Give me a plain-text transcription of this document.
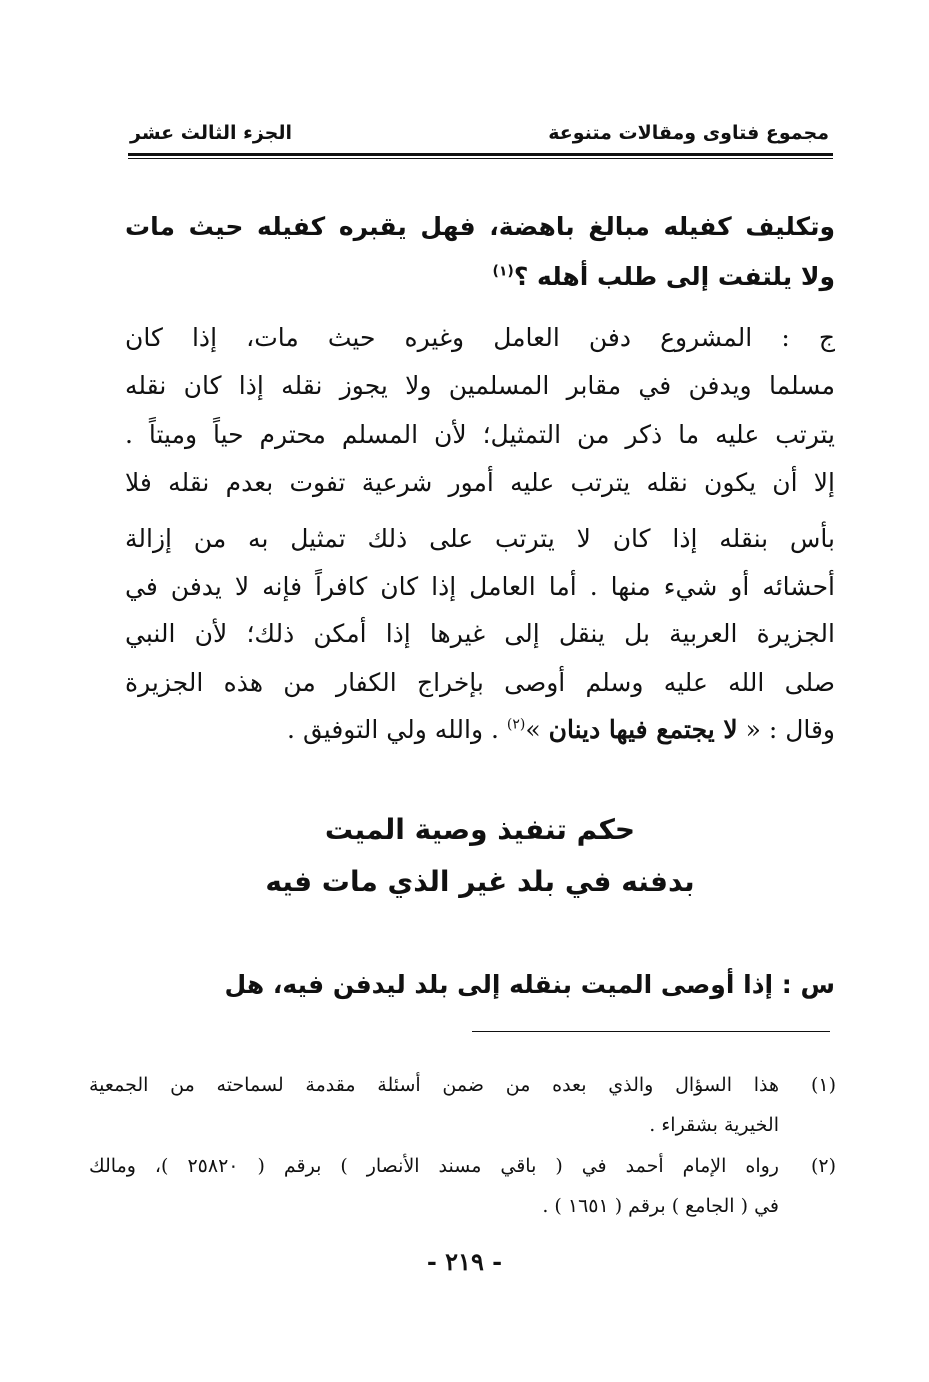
مجموع فتاوى ومقالات متنوعة
الجزء الثالث عشر
وتكليف كفيله مبالغ باهضة، فهل يقبره كفيله حيث مات
ولا يلتفت إلى طلب أهله ؟$^{(١)}$
ج : المشروع دفن العامل وغيره حيث مات، إذا كان
مسلما ويدفن في مقابر المسلمين ولا يجوز نقله إذا كان نقله
يترتب عليه ما ذكر من التمثيل؛ لأن المسلم محترم حياً وميتاً .
إلا أن يكون نقله يترتب عليه أمور شرعية تفوت بعدم نقله فلا
بأس بنقله إذا كان لا يترتب على ذلك تمثيل به من إزالة
أحشائه أو شيء منها . أما العامل إذا كان كافراً فإنه لا يدفن في
الجزيرة العربية بل ينقل إلى غيرها إذا أمكن ذلك؛ لأن النبي
صلى الله عليه وسلم أوصى بإخراج الكفار من هذه الجزيرة
وقال : « لا يجتمع فيها دينان »$^{(٢)}$ . والله ولي التوفيق .
حكم تنفيذ وصية الميت
بدفنه في بلد غير الذي مات فيه
س : إذا أوصى الميت بنقله إلى بلد ليدفن فيه، هل
(١)
هذا السؤال والذي بعده من ضمن أسئلة مقدمة لسماحته من الجمعية
الخيرية بشقراء .
(٢)
رواه الإمام أحمد في ( باقي مسند الأنصار ) برقم ( ٢٥٨٢٠ )، ومالك
في ( الجامع ) برقم ( ١٦٥١ ) .
- ٢١٩ -
